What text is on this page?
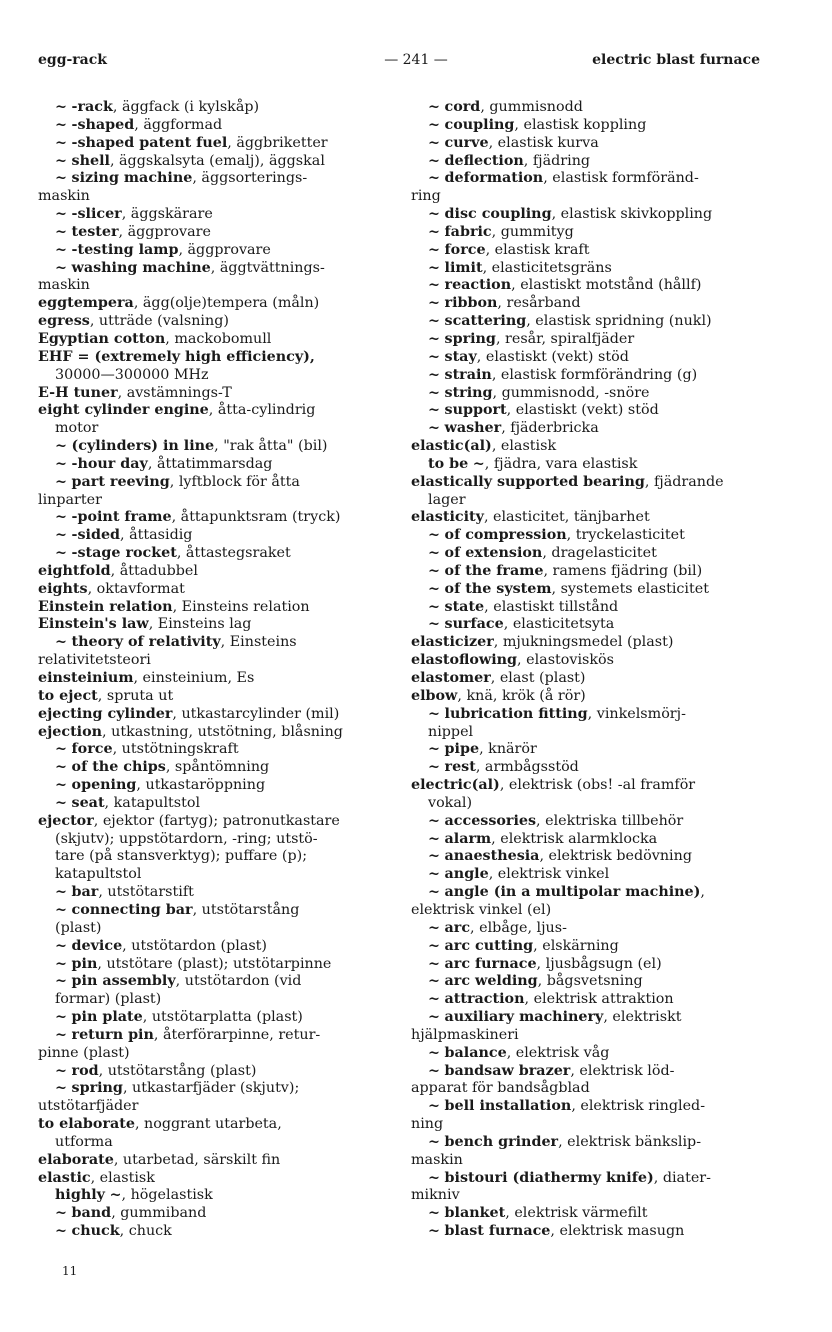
egg-rack	— 241 —	electric blast furnace
~ -rack, äggfack (i kylskåp)
~ -shaped, äggformad
~ -shaped patent fuel, äggbriketter
~ shell, äggskalsyta (emalj), äggskal
~ sizing machine, äggsorterings-
maskin
~ -slicer, äggskärare
~ tester, äggprovare
~ -testing lamp, äggprovare
~ washing machine, äggtvättnings-
maskin
eggtempera, ägg(olje)tempera (måln)
egress, utträde (valsning)
Egyptian cotton, mackobomull
EHF = (extremely high efficiency),
30000—300000 MHz
E-H tuner, avstämnings-T
eight cylinder engine, åtta-cylindrig
motor
~ (cylinders) in line, "rak åtta" (bil)
~ -hour day, åttatimmarsdag
~ part reeving, lyftblock för åtta
linparter
~ -point frame, åttapunktsram (tryck)
~ -sided, åttasidig
~ -stage rocket, åttastegsraket
eightfold, åttadubbel
eights, oktavformat
Einstein relation, Einsteins relation
Einstein's law, Einsteins lag
~ theory of relativity, Einsteins
relativitetsteori
einsteinium, einsteinium, Es
to eject, spruta ut
ejecting cylinder, utkastarcylinder (mil)
ejection, utkastning, utstötning, blåsning
~ force, utstötningskraft
~ of the chips, spåntömning
~ opening, utkastaröppning
~ seat, katapultstol
ejector, ejektor (fartyg); patronutkastare
(skjutv); uppstötardorn, -ring; utstö-
tare (på stansverktyg); puffare (p);
katapultstol
~ bar, utstötarstift
~ connecting bar, utstötarstång
(plast)
~ device, utstötardon (plast)
~ pin, utstötare (plast); utstötarpinne
~ pin assembly, utstötardon (vid
formar) (plast)
~ pin plate, utstötarplatta (plast)
~ return pin, återförarpinne, retur-
pinne (plast)
~ rod, utstötarstång (plast)
~ spring, utkastarfjäder (skjutv);
utstötarfjäder
to elaborate, noggrant utarbeta,
utforma
elaborate, utarbetad, särskilt fin
elastic, elastisk
highly ~, högelastisk
~ band, gummiband
~ chuck, chuck
~ cord, gummisnodd
~ coupling, elastisk koppling
~ curve, elastisk kurva
~ deflection, fjädring
~ deformation, elastisk formföränd-
ring
~ disc coupling, elastisk skivkoppling
~ fabric, gummityg
~ force, elastisk kraft
~ limit, elasticitetsgräns
~ reaction, elastiskt motstånd (hållf)
~ ribbon, resårband
~ scattering, elastisk spridning (nukl)
~ spring, resår, spiralfjäder
~ stay, elastiskt (vekt) stöd
~ strain, elastisk formförändring (g)
~ string, gummisnodd, -snöre
~ support, elastiskt (vekt) stöd
~ washer, fjäderbricka
elastic(al), elastisk
to be ~, fjädra, vara elastisk
elastically supported bearing, fjädrande
lager
elasticity, elasticitet, tänjbarhet
~ of compression, tryckelasticitet
~ of extension, dragelasticitet
~ of the frame, ramens fjädring (bil)
~ of the system, systemets elasticitet
~ state, elastiskt tillstånd
~ surface, elasticitetsyta
elasticizer, mjukningsmedel (plast)
elastoflowing, elastoviskös
elastomer, elast (plast)
elbow, knä, krök (å rör)
~ lubrication fitting, vinkelsmörj-
nippel
~ pipe, knärör
~ rest, armbågsstöd
electric(al), elektrisk (obs! -al framför
vokal)
~ accessories, elektriska tillbehör
~ alarm, elektrisk alarmklocka
~ anaesthesia, elektrisk bedövning
~ angle, elektrisk vinkel
~ angle (in a multipolar machine),
elektrisk vinkel (el)
~ arc, elbåge, ljus-
~ arc cutting, elskärning
~ arc furnace, ljusbågsugn (el)
~ arc welding, bågsvetsning
~ attraction, elektrisk attraktion
~ auxiliary machinery, elektriskt
hjälpmaskineri
~ balance, elektrisk våg
~ bandsaw brazer, elektrisk löd-
apparat för bandsågblad
~ bell installation, elektrisk ringled-
ning
~ bench grinder, elektrisk bänkslip-
maskin
~ bistouri (diathermy knife), diater-
mikniv
~ blanket, elektrisk värmefilt
~ blast furnace, elektrisk masugn
11
